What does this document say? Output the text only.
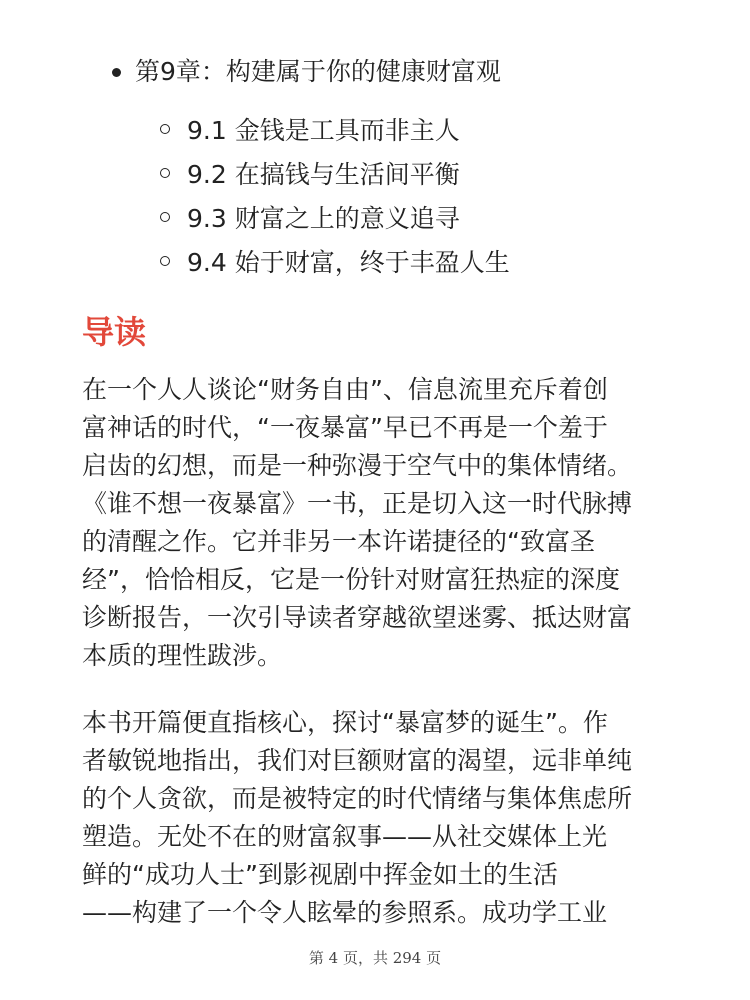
第9章：构建属于你的健康财富观
9.1 金钱是工具而非主人
9.2 在搞钱与生活间平衡
9.3 财富之上的意义追寻
9.4 始于财富，终于丰盈人生
导读
在一个人人谈论“财务自由”、信息流里充斥着创
富神话的时代，“一夜暴富”早已不再是一个羞于
启齿的幻想，而是一种弥漫于空气中的集体情绪。
《谁不想一夜暴富》一书，正是切入这一时代脉搏
的清醒之作。它并非另一本许诺捷径的“致富圣
经”，恰恰相反，它是一份针对财富狂热症的深度
诊断报告，一次引导读者穿越欲望迷雾、抵达财富
本质的理性跋涉。
本书开篇便直指核心，探讨“暴富梦的诞生”。作
者敏锐地指出，我们对巨额财富的渴望，远非单纯
的个人贪欲，而是被特定的时代情绪与集体焦虑所
塑造。无处不在的财富叙事——从社交媒体上光
鲜的“成功人士”到影视剧中挥金如土的生活
——构建了一个令人眩晕的参照系。成功学工业
第 4 页，共 294 页
